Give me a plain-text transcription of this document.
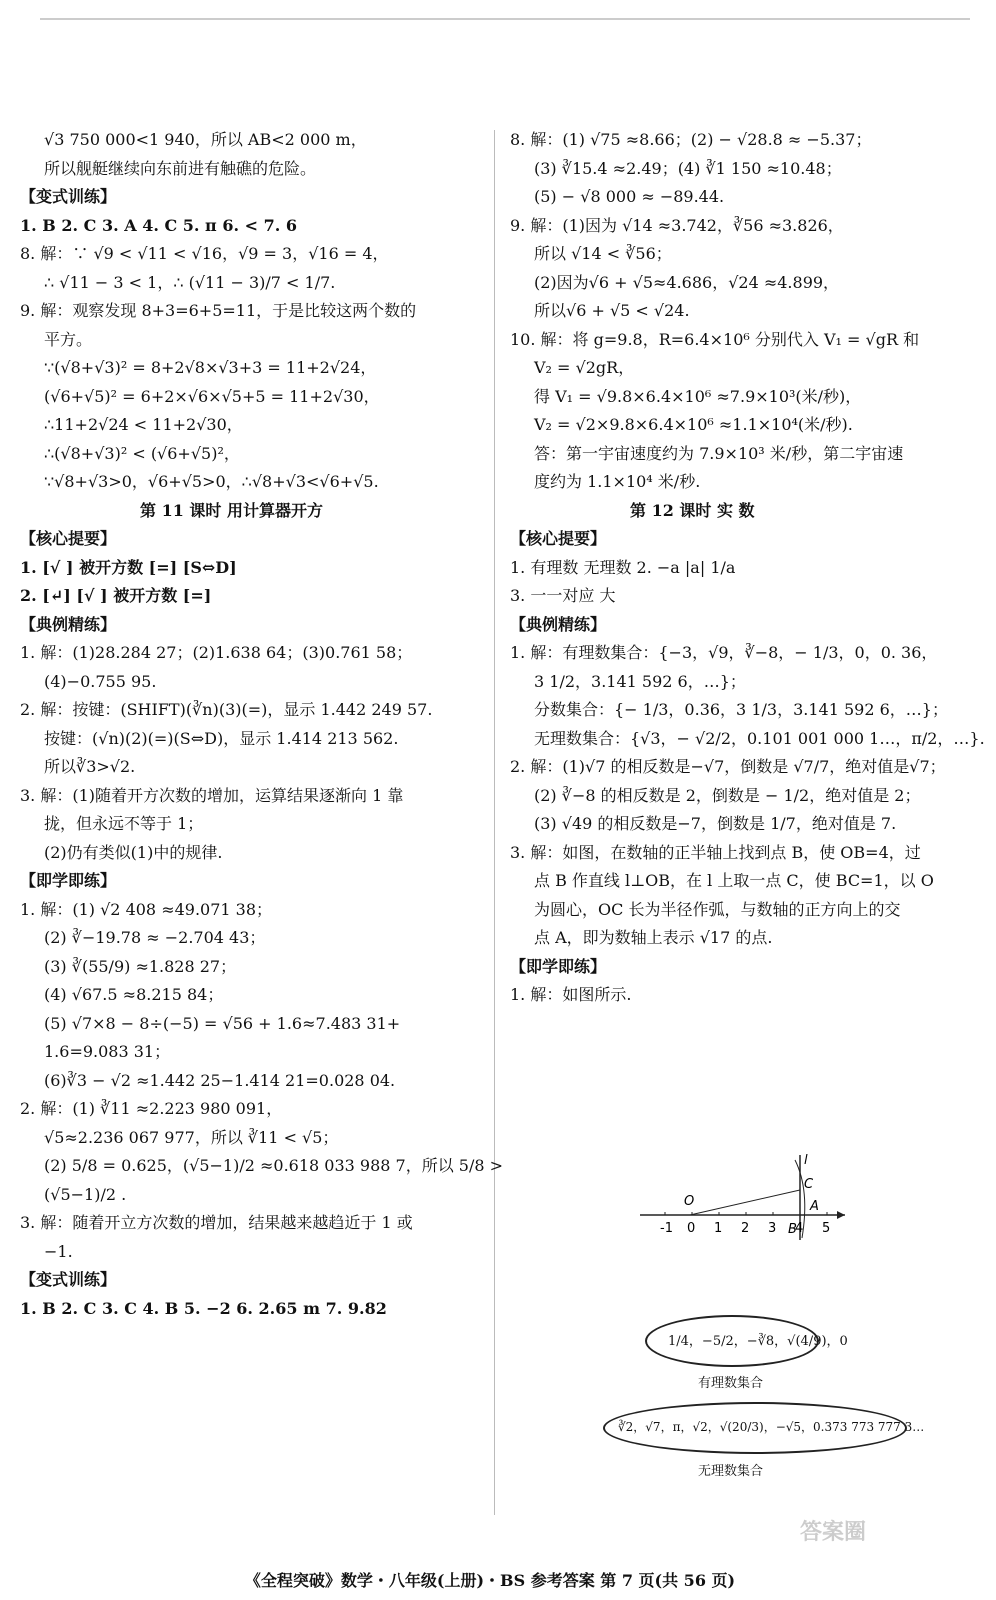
√3 750 000<1 940，所以 AB<2 000 m，
所以舰艇继续向东前进有触礁的危险。
【变式训练】
1. B 2. C 3. A 4. C 5. π 6. < 7. 6
8. 解：∵ √9 < √11 < √16，√9 = 3，√16 = 4，
∴ √11 − 3 < 1，∴ (√11 − 3)/7 < 1/7.
9. 解：观察发现 8+3=6+5=11，于是比较这两个数的
平方。
∵(√8+√3)² = 8+2√8×√3+3 = 11+2√24，
(√6+√5)² = 6+2×√6×√5+5 = 11+2√30，
∴11+2√24 < 11+2√30，
∴(√8+√3)² < (√6+√5)²，
∵√8+√3>0，√6+√5>0，∴√8+√3<√6+√5.
第 11 课时 用计算器开方
【核心提要】
1. [√ ] 被开方数 [=] [S⇔D]
2. [↵] [√ ] 被开方数 [=]
【典例精练】
1. 解：(1)28.284 27；(2)1.638 64；(3)0.761 58；
(4)−0.755 95.
2. 解：按键：(SHIFT)(∛n)(3)(=)，显示 1.442 249 57.
按键：(√n)(2)(=)(S⇔D)，显示 1.414 213 562.
所以∛3>√2.
3. 解：(1)随着开方次数的增加，运算结果逐渐向 1 靠
拢，但永远不等于 1；
(2)仍有类似(1)中的规律.
【即学即练】
1. 解：(1) √2 408 ≈49.071 38；
(2) ∛−19.78 ≈ −2.704 43；
(3) ∛(55/9) ≈1.828 27；
(4) √67.5 ≈8.215 84；
(5) √7×8 − 8÷(−5) = √56 + 1.6≈7.483 31+
1.6=9.083 31；
(6)∛3 − √2 ≈1.442 25−1.414 21=0.028 04.
2. 解：(1) ∛11 ≈2.223 980 091，
√5≈2.236 067 977，所以 ∛11 < √5；
(2) 5/8 = 0.625，(√5−1)/2 ≈0.618 033 988 7，所以 5/8 >
(√5−1)/2 .
3. 解：随着开立方次数的增加，结果越来越趋近于 1 或
−1.
【变式训练】
1. B 2. C 3. C 4. B 5. −2 6. 2.65 m 7. 9.82
8. 解：(1) √75 ≈8.66；(2) − √28.8 ≈ −5.37；
(3) ∛15.4 ≈2.49；(4) ∛1 150 ≈10.48；
(5) − √8 000 ≈ −89.44.
9. 解：(1)因为 √14 ≈3.742，∛56 ≈3.826，
所以 √14 < ∛56；
(2)因为√6 + √5≈4.686，√24 ≈4.899，
所以√6 + √5 < √24.
10. 解：将 g=9.8，R=6.4×10⁶ 分别代入 V₁ = √gR 和
V₂ = √2gR，
得 V₁ = √9.8×6.4×10⁶ ≈7.9×10³(米/秒)，
V₂ = √2×9.8×6.4×10⁶ ≈1.1×10⁴(米/秒).
答：第一宇宙速度约为 7.9×10³ 米/秒，第二宇宙速
度约为 1.1×10⁴ 米/秒.
第 12 课时 实 数
【核心提要】
1. 有理数 无理数 2. −a |a| 1/a
3. 一一对应 大
【典例精练】
1. 解：有理数集合：{−3，√9，∛−8，− 1/3，0，0. 36，
3 1/2，3.141 592 6，…}；
分数集合：{− 1/3，0.36，3 1/3，3.141 592 6，…}；
无理数集合：{√3，− √2/2，0.101 001 000 1…，π/2，…}.
2. 解：(1)√7 的相反数是−√7，倒数是 √7/7，绝对值是√7；
(2) ∛−8 的相反数是 2，倒数是 − 1/2，绝对值是 2；
(3) √49 的相反数是−7，倒数是 1/7，绝对值是 7.
3. 解：如图，在数轴的正半轴上找到点 B，使 OB=4，过
点 B 作直线 l⊥OB，在 l 上取一点 C，使 BC=1，以 O
为圆心，OC 长为半径作弧，与数轴的正方向上的交
点 A，即为数轴上表示 √17 的点.
【即学即练】
1. 解：如图所示.
-1 0 1 2 3 4 5
O
B
A
C
l
1/4，−5/2，−∛8，√(4/9)，0
有理数集合
∛2，√7，π，√2，√(20/3)，−√5，0.373 773 777 3…
无理数集合
《全程突破》数学・八年级(上册)・BS 参考答案 第 7 页(共 56 页)
答案圈
